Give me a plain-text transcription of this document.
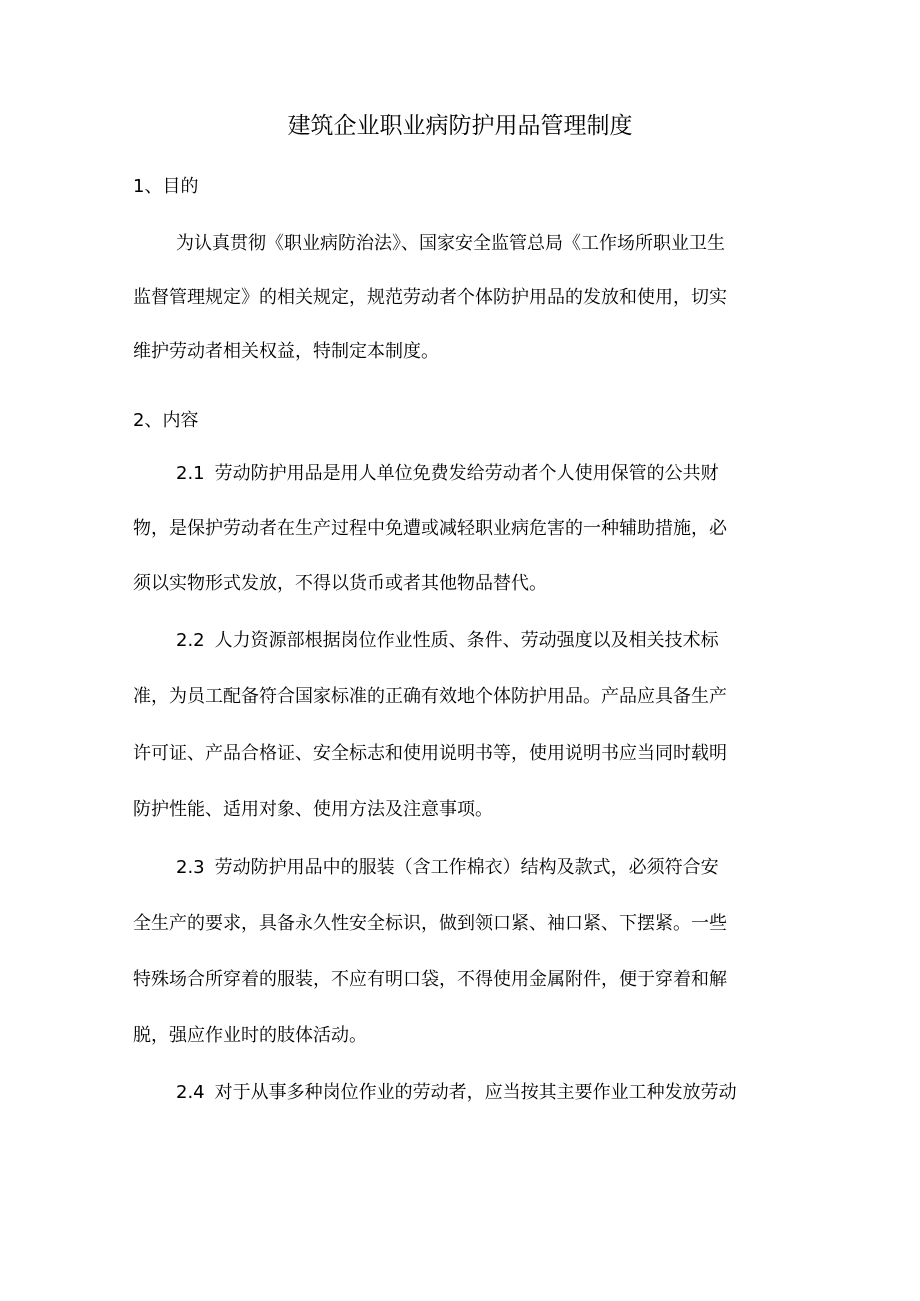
建筑企业职业病防护用品管理制度
1、目的
为认真贯彻《职业病防治法》、国家安全监管总局《工作场所职业卫生
监督管理规定》的相关规定，规范劳动者个体防护用品的发放和使用，切实
维护劳动者相关权益，特制定本制度。
2、内容
2.1 劳动防护用品是用人单位免费发给劳动者个人使用保管的公共财
物，是保护劳动者在生产过程中免遭或减轻职业病危害的一种辅助措施，必
须以实物形式发放，不得以货币或者其他物品替代。
2.2 人力资源部根据岗位作业性质、条件、劳动强度以及相关技术标
准，为员工配备符合国家标准的正确有效地个体防护用品。产品应具备生产
许可证、产品合格证、安全标志和使用说明书等，使用说明书应当同时载明
防护性能、适用对象、使用方法及注意事项。
2.3 劳动防护用品中的服装（含工作棉衣）结构及款式，必须符合安
全生产的要求，具备永久性安全标识，做到领口紧、袖口紧、下摆紧。一些
特殊场合所穿着的服装，不应有明口袋，不得使用金属附件，便于穿着和解
脱，强应作业时的肢体活动。
2.4 对于从事多种岗位作业的劳动者，应当按其主要作业工种发放劳动
